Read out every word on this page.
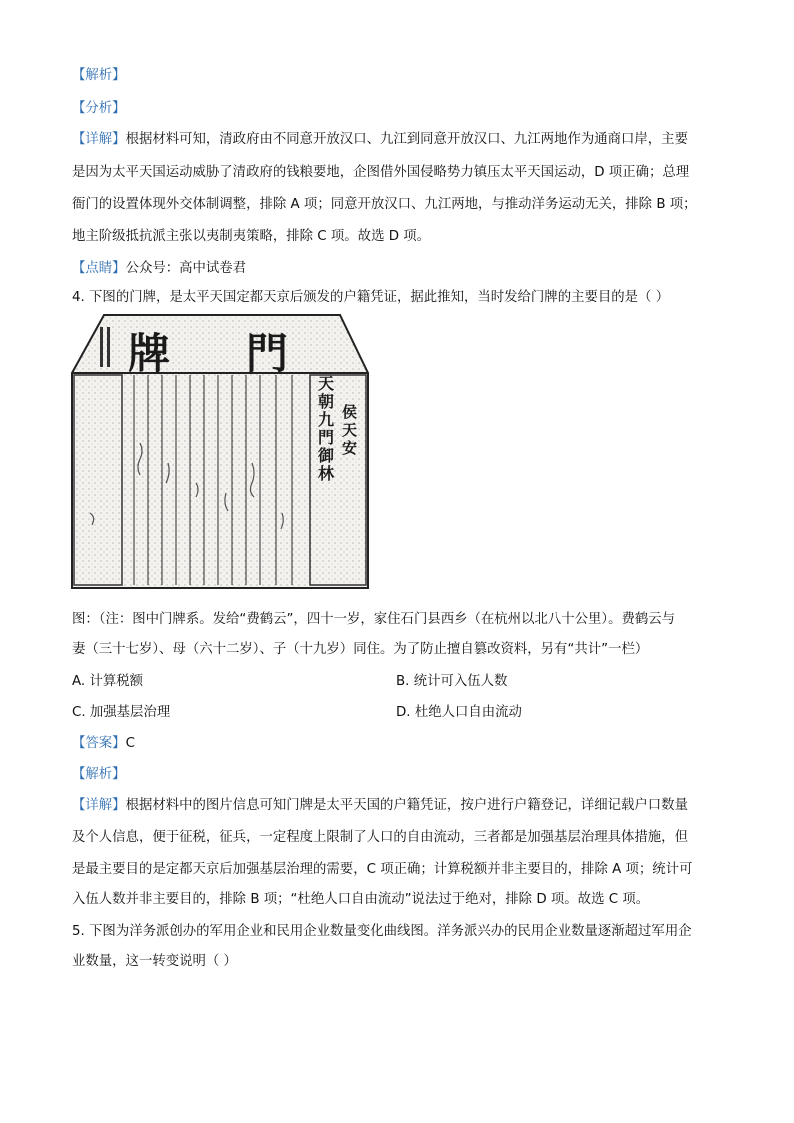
【解析】
【分析】
【详解】根据材料可知，清政府由不同意开放汉口、九江到同意开放汉口、九江两地作为通商口岸，主要
是因为太平天国运动威胁了清政府的钱粮要地，企图借外国侵略势力镇压太平天国运动，D 项正确；总理
衙门的设置体现外交体制调整，排除 A 项；同意开放汉口、九江两地，与推动洋务运动无关，排除 B 项；
地主阶级抵抗派主张以夷制夷策略，排除 C 项。故选 D 项。
【点睛】公众号：高中试卷君
4. 下图的门牌，是太平天国定都天京后颁发的户籍凭证，据此推知，当时发给门牌的主要目的是（ ）
牌 門
天朝九門御林
侯天安
图：（注：图中门牌系。发给“费鹤云”，四十一岁，家住石门县西乡（在杭州以北八十公里）。费鹤云与
妻（三十七岁）、母（六十二岁）、子（十九岁）同住。为了防止擅自篡改资料，另有“共计”一栏）
A. 计算税额	B. 统计可入伍人数
C. 加强基层治理	D. 杜绝人口自由流动
【答案】C
【解析】
【详解】根据材料中的图片信息可知门牌是太平天国的户籍凭证，按户进行户籍登记，详细记载户口数量
及个人信息，便于征税，征兵，一定程度上限制了人口的自由流动，三者都是加强基层治理具体措施，但
是最主要目的是定都天京后加强基层治理的需要，C 项正确；计算税额并非主要目的，排除 A 项；统计可
入伍人数并非主要目的，排除 B 项；“杜绝人口自由流动”说法过于绝对，排除 D 项。故选 C 项。
5. 下图为洋务派创办的军用企业和民用企业数量变化曲线图。洋务派兴办的民用企业数量逐渐超过军用企
业数量，这一转变说明（ ）
